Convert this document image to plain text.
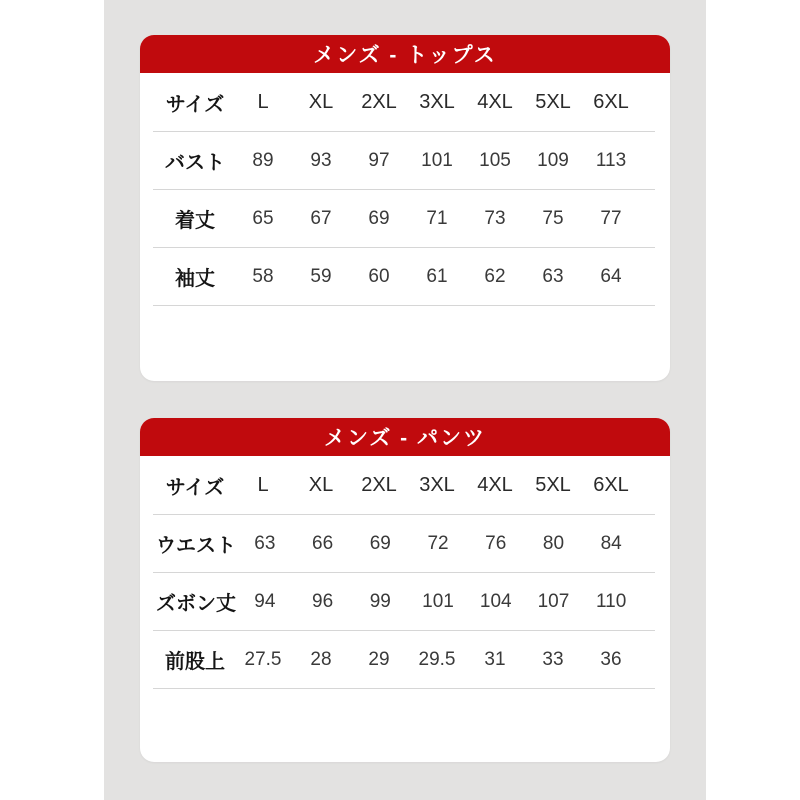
メンズ - トップス
サイズ	L	XL	2XL	3XL	4XL	5XL	6XL
バスト	89	93	97	101	105	109	113
着丈	65	67	69	71	73	75	77
袖丈	58	59	60	61	62	63	64
メンズ - パンツ
サイズ	L	XL	2XL	3XL	4XL	5XL	6XL
ウエスト 63	66	69	72	76	80	84
ズボン丈 94	96	99	101	104	107	110
前股上	27.5	28	29	29.5	31	33	36
